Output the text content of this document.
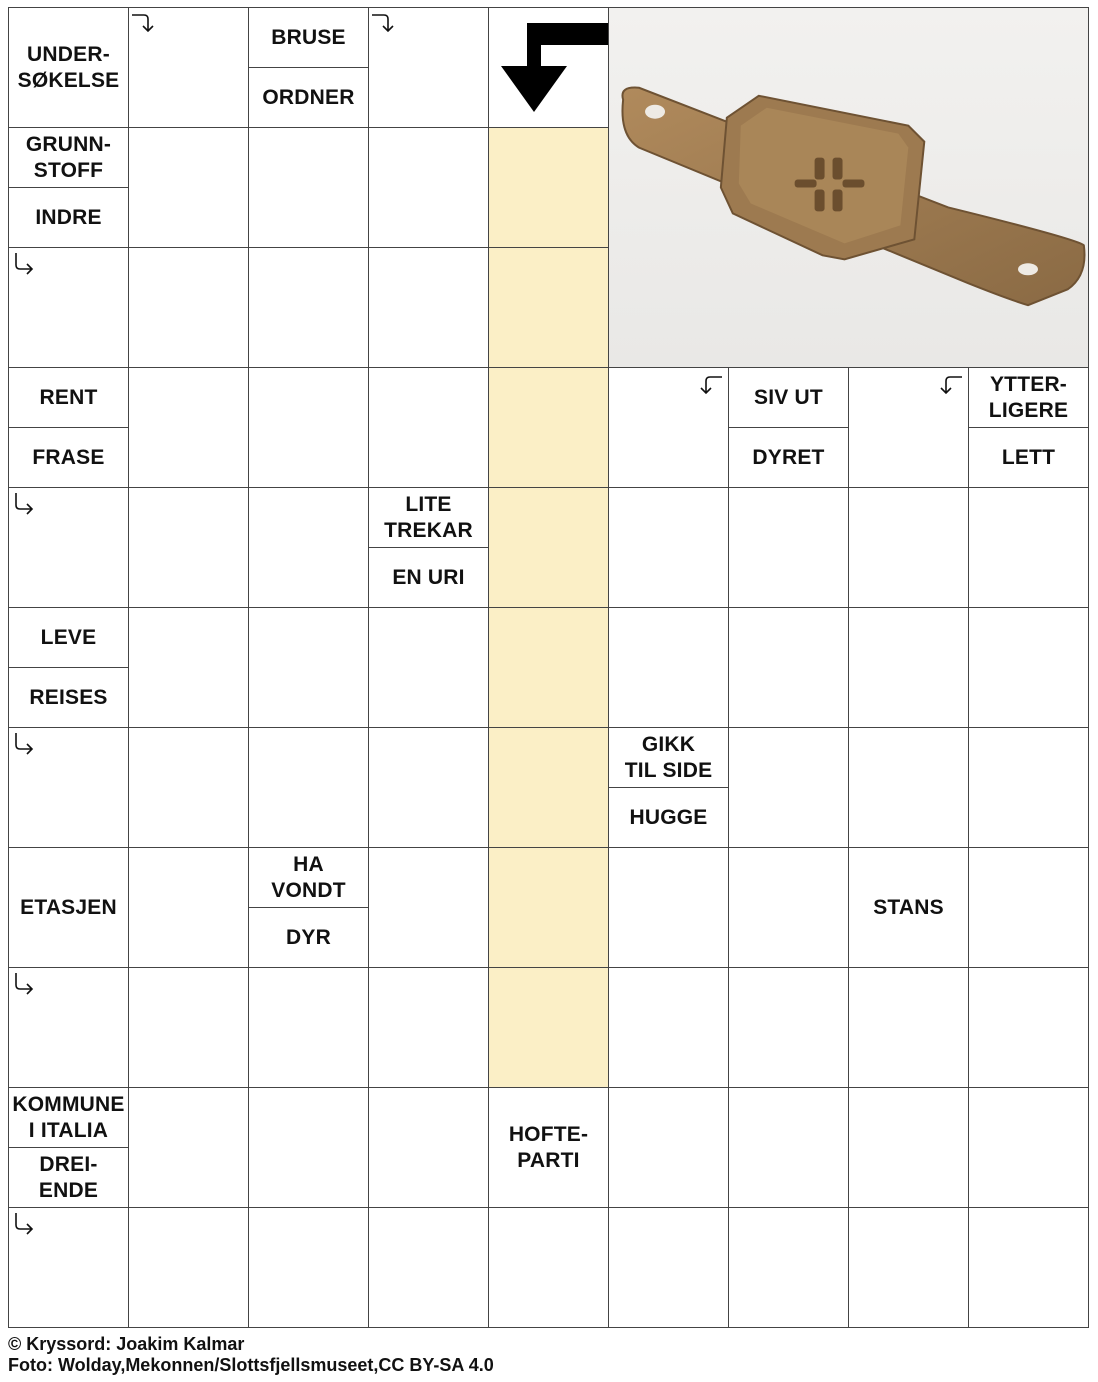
UNDER-
SØKELSE
BRUSE
ORDNER
GRUNN-
STOFF
INDRE
RENT
FRASE
SIV UT
DYRET
YTTER-
LIGERE
LETT
LITE
TREKAR
EN URI
LEVE
REISES
GIKK
TIL SIDE
HUGGE
ETASJEN
HA
VONDT
DYR
STANS
KOMMUNE
I ITALIA
DREI-
ENDE
HOFTE-
PARTI
© Kryssord: Joakim Kalmar
Foto: Wolday,Mekonnen/Slottsfjellsmuseet,CC BY-SA 4.0
